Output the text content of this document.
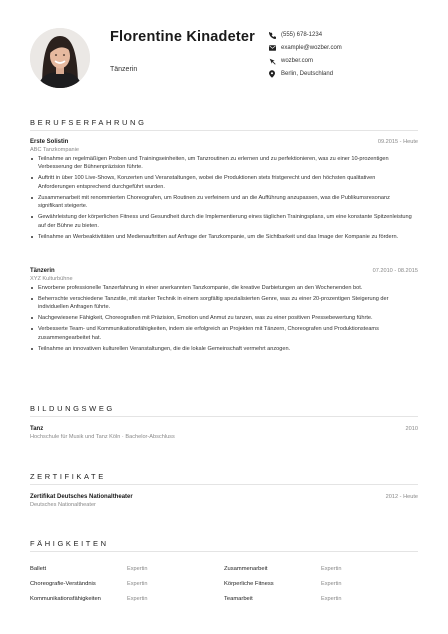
Florentine Kinadeter
Tänzerin
(555) 678-1234
example@wozber.com
wozber.com
Berlin, Deutschland
BERUFSERFAHRUNG
Erste Solistin	09.2015 - Heute
ABC Tanzkompanie
Teilnahme an regelmäßigen Proben und Trainingseinheiten, um Tanzroutinen zu erlernen und zu perfektionieren, was zu einer 10-prozentigen Verbesserung der Bühnenpräzision führte.
Auftritt in über 100 Live-Shows, Konzerten und Veranstaltungen, wobei die Produktionen stets fristgerecht und den höchsten qualitativen Anforderungen entsprechend durchgeführt wurden.
Zusammenarbeit mit renommierten Choreografen, um Routinen zu verfeinern und an die Aufführung anzupassen, was die Publikumsresonanz signifikant steigerte.
Gewährleistung der körperlichen Fitness und Gesundheit durch die Implementierung eines täglichen Trainingsplans, um eine konstante Spitzenleistung auf der Bühne zu bieten.
Teilnahme an Werbeaktivitäten und Medienauftritten auf Anfrage der Tanzkompanie, um die Sichtbarkeit und das Image der Kompanie zu fördern.
Tänzerin	07.2010 - 08.2015
XYZ Kulturbühne
Erworbene professionelle Tanzerfahrung in einer anerkannten Tanzkompanie, die kreative Darbietungen an den Wochenenden bot.
Beherrschte verschiedene Tanzstile, mit starker Technik in einem sorgfältig spezialisierten Genre, was zu einer 20-prozentigen Steigerung der individuellen Anfragen führte.
Nachgewiesene Fähigkeit, Choreografien mit Präzision, Emotion und Anmut zu tanzen, was zu einer positiven Pressebewertung führte.
Verbesserte Team- und Kommunikationsfähigkeiten, indem sie erfolgreich an Projekten mit Tänzern, Choreografen und Produktionsteams zusammengearbeitet hat.
Teilnahme an innovativen kulturellen Veranstaltungen, die die lokale Gemeinschaft vermehrt anzogen.
BILDUNGSWEG
Tanz	2010
Hochschule für Musik und Tanz Köln · Bachelor-Abschluss
ZERTIFIKATE
Zertifikat Deutsches Nationaltheater	2012 - Heute
Deutsches Nationaltheater
FÄHIGKEITEN
Ballett	Expertin	Zusammenarbeit	Expertin
Choreografie-Verständnis	Expertin	Körperliche Fitness	Expertin
Kommunikationsfähigkeiten	Expertin	Teamarbeit	Expertin
